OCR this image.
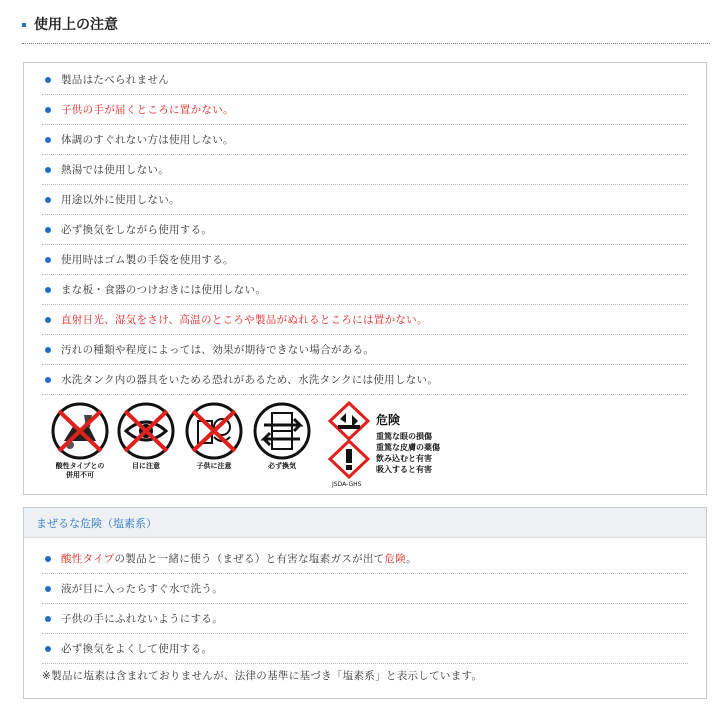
使用上の注意
製品はたべられません
子供の手が届くところに置かない。
体調のすぐれない方は使用しない。
熱湯では使用しない。
用途以外に使用しない。
必ず換気をしながら使用する。
使用時はゴム製の手袋を使用する。
まな板・食器のつけおきには使用しない。
直射日光、湿気をさけ、高温のところや製品がぬれるところには置かない。
汚れの種類や程度によっては、効果が期待できない場合がある。
水洗タンク内の器具をいためる恐れがあるため、水洗タンクには使用しない。
酸性タイプとの
併用不可
目に注意	子供に注意	必ず換気
危険
重篤な眼の損傷
重篤な皮膚の薬傷
飲み込むと有害
吸入すると有害
JSDA-GHS
まぜるな危険（塩素系）
酸性タイプの製品と一緒に使う（まぜる）と有害な塩素ガスが出て危険。
液が目に入ったらすぐ水で洗う。
子供の手にふれないようにする。
必ず換気をよくして使用する。
※製品に塩素は含まれておりませんが、法律の基準に基づき「塩素系」と表示しています。
